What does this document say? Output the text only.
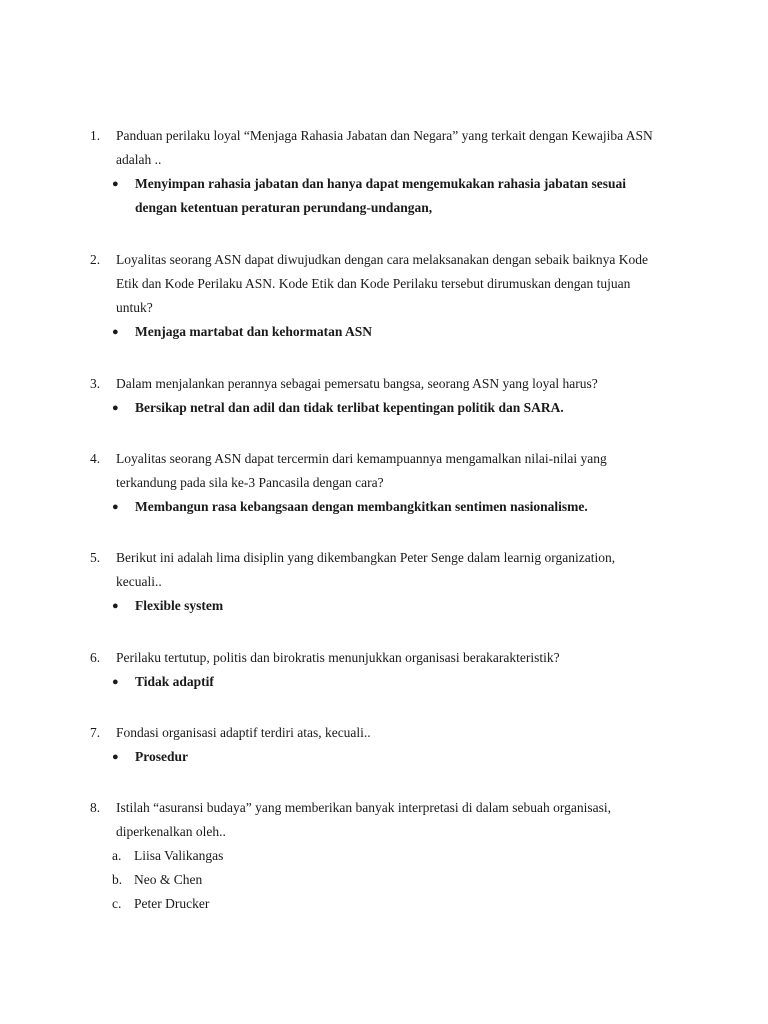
1.	Panduan perilaku loyal “Menjaga Rahasia Jabatan dan Negara” yang terkait dengan Kewajiba ASN
adalah ..
● Menyimpan rahasia jabatan dan hanya dapat mengemukakan rahasia jabatan sesuai
dengan ketentuan peraturan perundang-undangan,
2.	Loyalitas seorang ASN dapat diwujudkan dengan cara melaksanakan dengan sebaik baiknya Kode
Etik dan Kode Perilaku ASN. Kode Etik dan Kode Perilaku tersebut dirumuskan dengan tujuan
untuk?
● Menjaga martabat dan kehormatan ASN
3.	Dalam menjalankan perannya sebagai pemersatu bangsa, seorang ASN yang loyal harus?
● Bersikap netral dan adil dan tidak terlibat kepentingan politik dan SARA.
4.	Loyalitas seorang ASN dapat tercermin dari kemampuannya mengamalkan nilai-nilai yang
terkandung pada sila ke-3 Pancasila dengan cara?
● Membangun rasa kebangsaan dengan membangkitkan sentimen nasionalisme.
5.	Berikut ini adalah lima disiplin yang dikembangkan Peter Senge dalam learnig organization,
kecuali..
● Flexible system
6.	Perilaku tertutup, politis dan birokratis menunjukkan organisasi berakarakteristik?
● Tidak adaptif
7.	Fondasi organisasi adaptif terdiri atas, kecuali..
● Prosedur
8.	Istilah “asuransi budaya” yang memberikan banyak interpretasi di dalam sebuah organisasi,
diperkenalkan oleh..
a. Liisa Valikangas
b. Neo & Chen
c. Peter Drucker
